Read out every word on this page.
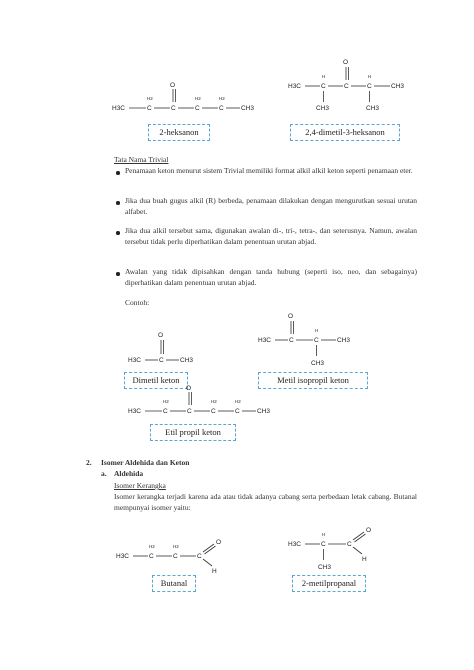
H3C	C
H2
C
O
C
H2
C
H2
CH3
2-heksanon
H3C	C
H
CH3
C
O
C
H
CH3
CH3
2,4-dimetil-3-heksanon
Tata Nama Trivial
Penamaan keton menurut sistem Trivial memiliki format alkil alkil keton seperti penamaan eter.
Jika dua buah gugus alkil (R) berbeda, penamaan dilakukan dengan mengurutkan sesuai urutan alfabet.
Jika dua alkil tersebut sama, digunakan awalan di-, tri-, tetra-, dan seterusnya. Namun, awalan tersebut tidak perlu diperhatikan dalam penentuan urutan abjad.
Awalan yang tidak dipisahkan dengan tanda hubung (seperti iso, neo, dan sebagainya) diperhatikan dalam penentuan urutan abjad.
Contoh:
H3C	C
O
CH3
Dimetil keton
H3C	C
O
C
H
CH3
CH3
Metil isopropil keton
H3C	C
H2
C
O
C
H2
C
H2
CH3
Etil propil keton
2.	Isomer Aldehida dan Keton
a. Aldehida
Isomer Kerangka
Isomer kerangka terjadi karena ada atau tidak adanya cabang serta perbedaan letak cabang. Butanal mempunyai isomer yaitu:
H3C	C
H2
C
H2
C
O
H
Butanal
H3C	C
H
CH3
C
O
H
2-metilpropanal
